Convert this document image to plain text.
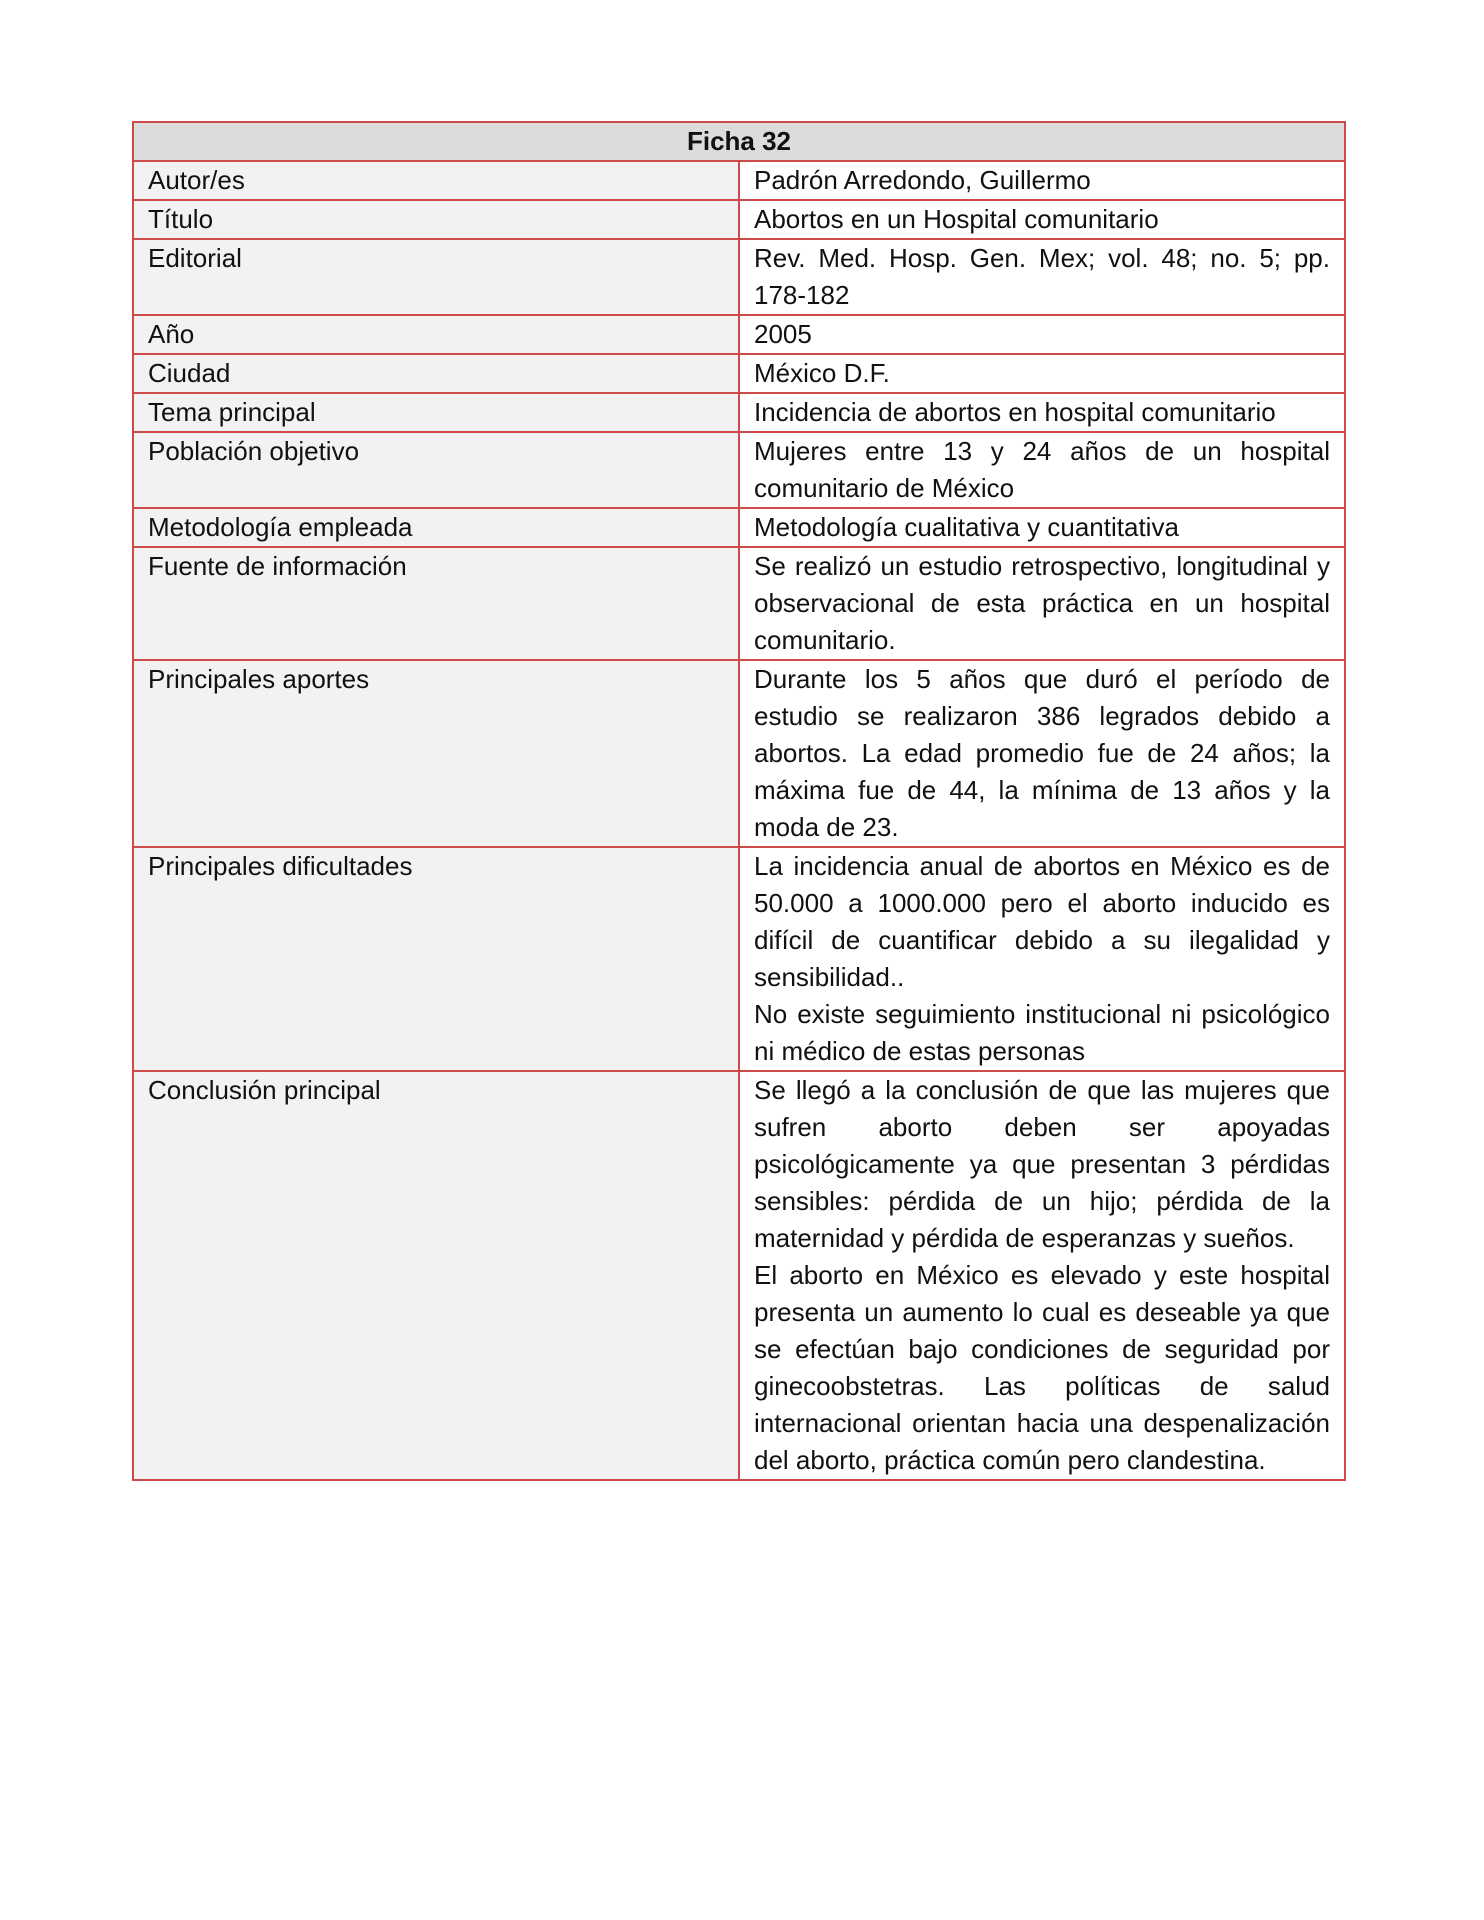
Ficha 32	
Autor/es	Padrón Arredondo, Guillermo

Título	Abortos en un Hospital comunitario

Editorial	Rev. Med. Hosp. Gen. Mex; vol. 48; no. 5; pp. 178-182

Año	2005

Ciudad	México D.F.

Tema principal	Incidencia de abortos en hospital comunitario

Población objetivo	Mujeres entre 13 y 24 años de un hospital comunitario de México

Metodología empleada	Metodología cualitativa y cuantitativa

Fuente de información	Se realizó un estudio retrospectivo, longitudinal y observacional de esta práctica en un hospital comunitario.

Principales aportes	Durante los 5 años que duró el período de estudio se realizaron 386 legrados debido a abortos. La edad promedio fue de 24 años; la máxima fue de 44, la mínima de 13 años y la moda de 23.

Principales dificultades	La incidencia anual de abortos en México es de 50.000 a 1000.000 pero el aborto inducido es difícil de cuantificar debido a su ilegalidad y sensibilidad..

No existe seguimiento institucional ni psicológico ni médico de estas personas

Conclusión principal	Se llegó a la conclusión de que las mujeres que sufren aborto deben ser apoyadas psicológicamente ya que presentan 3 pérdidas sensibles: pérdida de un hijo; pérdida de la maternidad y pérdida de esperanzas y sueños.

El aborto en México es elevado y este hospital presenta un aumento lo cual es deseable ya que se efectúan bajo condiciones de seguridad por ginecoobstetras. Las políticas de salud internacional orientan hacia una despenalización del aborto, práctica común pero clandestina.
